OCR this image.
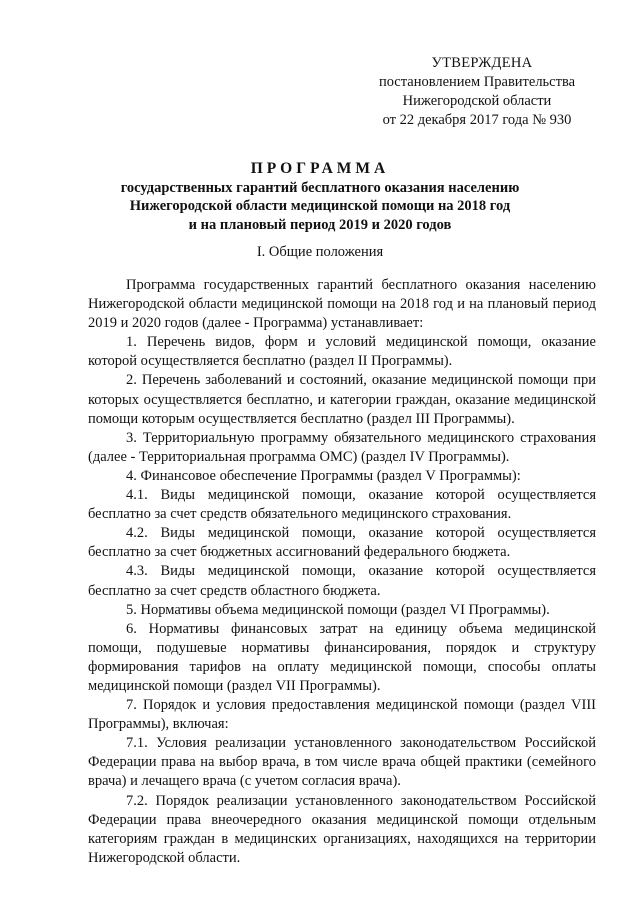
УТВЕРЖДЕНА
постановлением Правительства
Нижегородской области
от 22 декабря 2017 года № 930
ПРОГРАММА
государственных гарантий бесплатного оказания населению
Нижегородской области медицинской помощи на 2018 год
и на плановый период 2019 и 2020 годов
I. Общие положения

Программа государственных гарантий бесплатного оказания населению Нижегородской области медицинской помощи на 2018 год и на плановый период 2019 и 2020 годов (далее - Программа) устанавливает:

1. Перечень видов, форм и условий медицинской помощи, оказание которой осуществляется бесплатно (раздел II Программы).

2. Перечень заболеваний и состояний, оказание медицинской помощи при которых осуществляется бесплатно, и категории граждан, оказание медицинской помощи которым осуществляется бесплатно (раздел III Программы).

3. Территориальную программу обязательного медицинского страхования (далее - Территориальная программа ОМС) (раздел IV Программы).

4. Финансовое обеспечение Программы (раздел V Программы):

4.1. Виды медицинской помощи, оказание которой осуществляется бесплатно за счет средств обязательного медицинского страхования.

4.2. Виды медицинской помощи, оказание которой осуществляется бесплатно за счет бюджетных ассигнований федерального бюджета.

4.3. Виды медицинской помощи, оказание которой осуществляется бесплатно за счет средств областного бюджета.

5. Нормативы объема медицинской помощи (раздел VI Программы).

6. Нормативы финансовых затрат на единицу объема медицинской помощи, подушевые нормативы финансирования, порядок и структуру формирования тарифов на оплату медицинской помощи, способы оплаты медицинской помощи (раздел VII Программы).

7. Порядок и условия предоставления медицинской помощи (раздел VIII Программы), включая:

7.1. Условия реализации установленного законодательством Российской Федерации права на выбор врача, в том числе врача общей практики (семейного врача) и лечащего врача (с учетом согласия врача).

7.2. Порядок реализации установленного законодательством Российской Федерации права внеочередного оказания медицинской помощи отдельным категориям граждан в медицинских организациях, находящихся на территории Нижегородской области.
